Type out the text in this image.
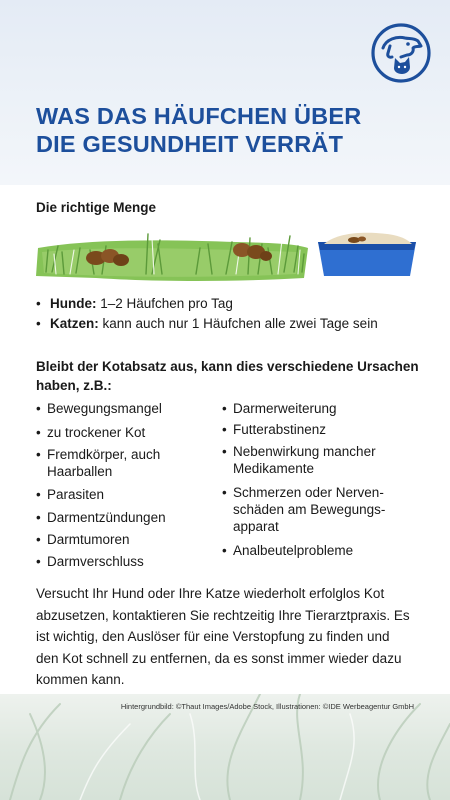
WAS DAS HÄUFCHEN ÜBER
DIE GESUNDHEIT VERRÄT
Die richtige Menge
• Hunde: 1–2 Häufchen pro Tag
• Katzen: kann auch nur 1 Häufchen alle zwei Tage sein

Bleibt der Kotabsatz aus, kann dies verschiedene Ursachen
haben, z.B.:

• Bewegungsmangel
• zu trockener Kot
• Fremdkörper, auch
Haarballen
• Parasiten
• Darmentzündungen
• Darmtumoren
• Darmverschluss
• Darmerweiterung
• Futterabstinenz
• Nebenwirkung mancher
Medikamente
• Schmerzen oder Nerven-
schäden am Bewegungs-
apparat
• Analbeutelprobleme

Versucht Ihr Hund oder Ihre Katze wiederholt erfolglos Kot
abzusetzen, kontaktieren Sie rechtzeitig Ihre Tierarztpraxis. Es
ist wichtig, den Auslöser für eine Verstopfung zu finden und
den Kot schnell zu entfernen, da es sonst immer wieder dazu
kommen kann.

Hintergrundbild: ©Thaut Images/Adobe Stock, Illustrationen: ©IDE Werbeagentur GmbH
